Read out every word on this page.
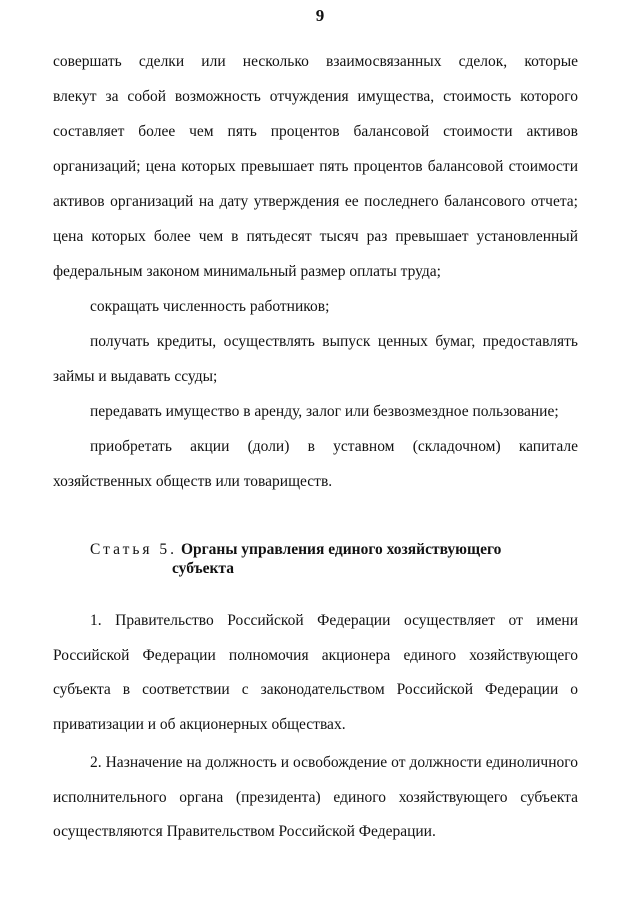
9
совершать сделки или несколько взаимосвязанных сделок, которые
влекут за собой возможность отчуждения имущества, стоимость которого
составляет более чем пять процентов балансовой стоимости активов
организаций; цена которых превышает пять процентов балансовой стоимости
активов организаций на дату утверждения ее последнего балансового отчета;
цена которых более чем в пятьдесят тысяч раз превышает установленный
федеральным законом минимальный размер оплаты труда;
сокращать численность работников;
получать кредиты, осуществлять выпуск ценных бумаг, предоставлять
займы и выдавать ссуды;
передавать имущество в аренду, залог или безвозмездное пользование;
приобретать акции (доли) в уставном (складочном) капитале
хозяйственных обществ или товариществ.
Статья 5. Органы управления единого хозяйствующего
субъекта
1. Правительство Российской Федерации осуществляет от имени
Российской Федерации полномочия акционера единого хозяйствующего
субъекта в соответствии с законодательством Российской Федерации о
приватизации и об акционерных обществах.
2. Назначение на должность и освобождение от должности единоличного
исполнительного органа (президента) единого хозяйствующего субъекта
осуществляются Правительством Российской Федерации.
